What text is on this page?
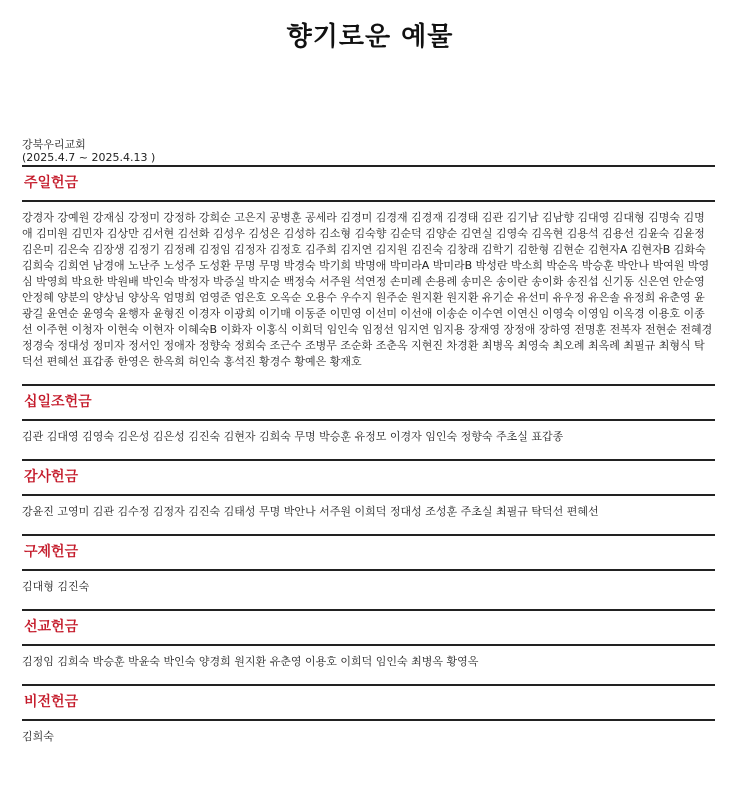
향기로운 예물
강북우리교회
(2025.4.7 ~ 2025.4.13 )
주일헌금
강경자 강예원 강재심 강정미 강정하 강희순 고은지 공병훈 공세라 김경미 김경재 김경재 김경태 김관 김기남 김남향 김대영 김대형 김명숙 김명애 김미원 김민자 김상만 김서현 김선화 김성우 김성은 김성하 김소형 김숙향 김순덕 김양순 김연실 김영숙 김옥현 김용석 김용선 김윤숙 김윤정 김은미 김은숙 김장생 김정기 김정례 김정임 김정자 김정호 김주희 김지연 김지원 김진숙 김창래 김학기 김한형 김현순 김현자A 김현자B 김화숙 김희숙 김희연 남경애 노난주 노성주 도성환 무명 무명 박경숙 박기희 박명애 박미라A 박미라B 박성란 박소희 박순옥 박승훈 박안나 박여원 박영심 박영희 박요한 박원배 박인숙 박정자 박증실 박지순 백정숙 서주원 석연정 손미례 손용례 송미은 송이란 송이화 송진섭 신기동 신은연 안순영 안정혜 양분의 양상님 양상옥 엄명희 엄영준 엄은호 오옥순 오용수 우수지 원주순 원지환 원지환 유기순 유선미 유우정 유은솔 유정희 유춘영 윤광길 윤연순 윤영숙 윤행자 윤형진 이경자 이광희 이기매 이동준 이민영 이선미 이선애 이송순 이수연 이연신 이영숙 이영임 이옥경 이용호 이종선 이주현 이청자 이현숙 이현자 이혜숙B 이화자 이홍식 이희덕 임인숙 임정선 임지연 임지용 장재영 장정애 장하영 전명훈 전복자 전현순 전혜경 정경숙 정대성 정미자 정서인 정애자 정향숙 정희숙 조근수 조병무 조순화 조춘옥 지현진 차경환 최병옥 최영숙 최오례 최옥례 최필규 최형식 탁덕선 편혜선 표갑종 한영은 한옥희 허인숙 홍석진 황경수 황예은 황재호
십일조헌금
김관 김대영 김영숙 김은성 김은성 김진숙 김현자 김희숙 무명 박승훈 유정모 이경자 임인숙 정향숙 주초실 표갑종
감사헌금
강윤진 고영미 김관 김수정 김정자 김진숙 김태성 무명 박안나 서주원 이희덕 정대성 조성훈 주초실 최필규 탁덕선 편혜선
구제헌금
김대형 김진숙
선교헌금
김정임 김희숙 박승훈 박윤숙 박인숙 양경희 원지환 유춘영 이용호 이희덕 임인숙 최병옥 황영옥
비전헌금
김희숙
